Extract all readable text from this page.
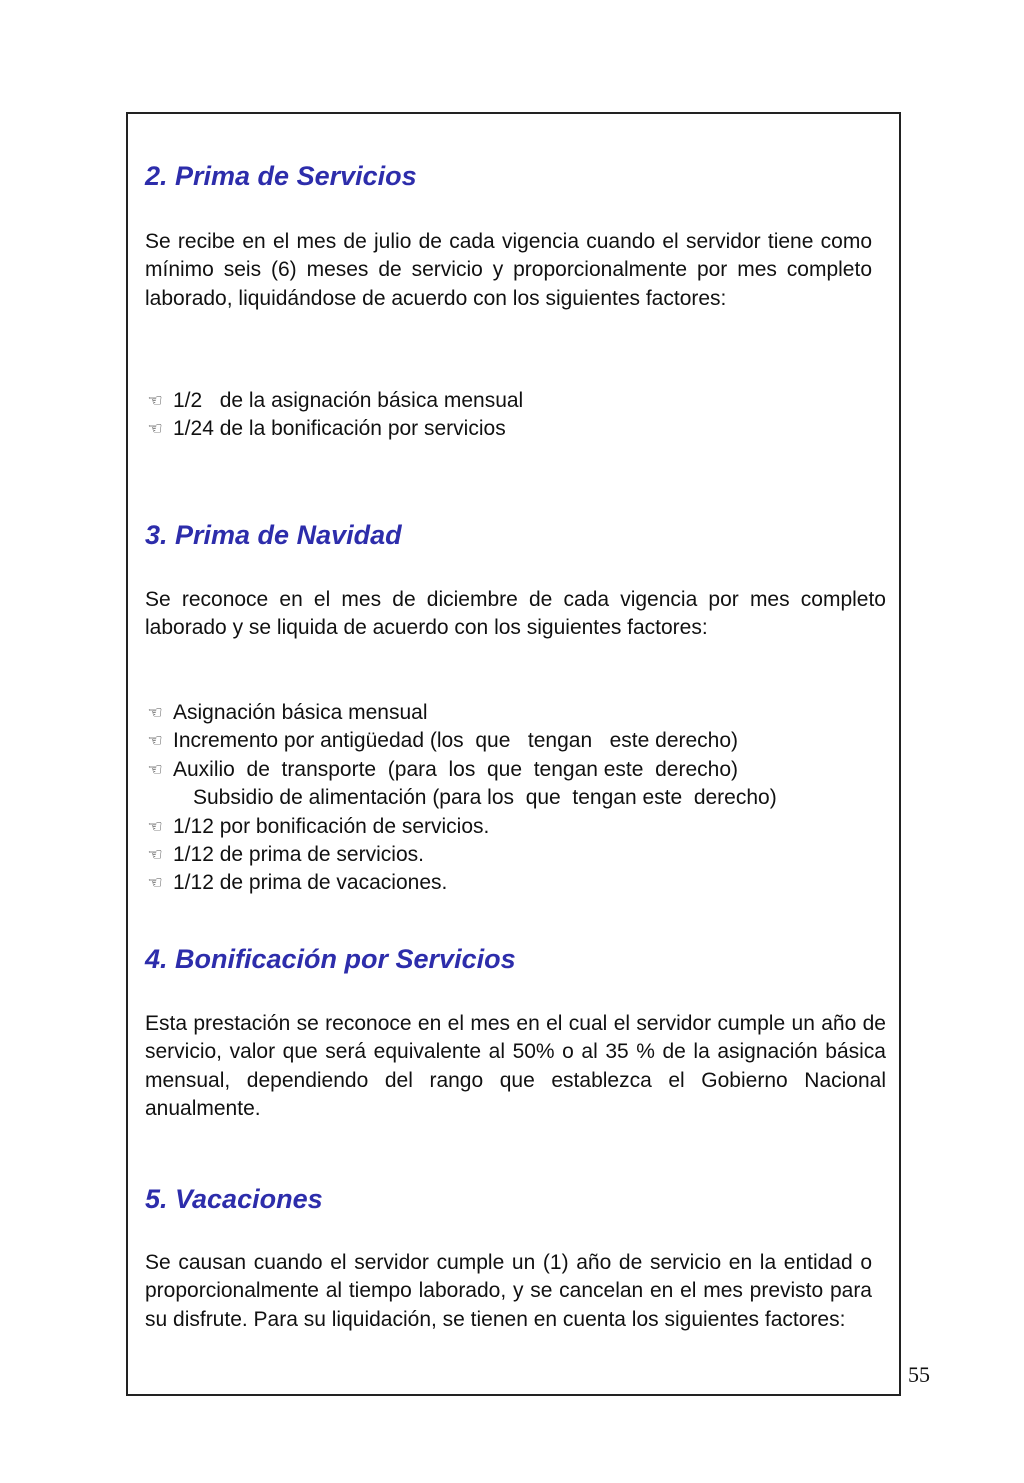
2. Prima de Servicios

Se recibe en el mes de julio de cada vigencia cuando el servidor tiene como mínimo seis (6) meses de servicio y proporcionalmente por mes completo laborado, liquidándose de acuerdo con los siguientes factores:

☜ 1/2   de la asignación básica mensual
☜ 1/24 de la bonificación por servicios
3. Prima de Navidad

Se reconoce en el mes de diciembre de cada vigencia por mes completo laborado y se liquida de acuerdo con los siguientes factores:

☜ Asignación básica mensual
☜ Incremento por antigüedad (los  que   tengan   este derecho)
☜ Auxilio  de  transporte  (para  los  que  tengan este  derecho)
Subsidio de alimentación (para los  que  tengan este  derecho)
☜ 1/12 por bonificación de servicios.
☜ 1/12 de prima de servicios.
☜ 1/12 de prima de vacaciones.
4. Bonificación por Servicios

Esta prestación se reconoce en el mes en el cual el servidor cumple un año de servicio, valor que será equivalente al 50% o al 35 % de la asignación básica mensual, dependiendo del rango que establezca el Gobierno Nacional anualmente.

5. Vacaciones

Se causan cuando el servidor cumple un (1) año de servicio en la entidad o proporcionalmente al tiempo laborado, y se cancelan en el mes previsto para su disfrute. Para su liquidación, se tienen en cuenta los siguientes factores:

55
